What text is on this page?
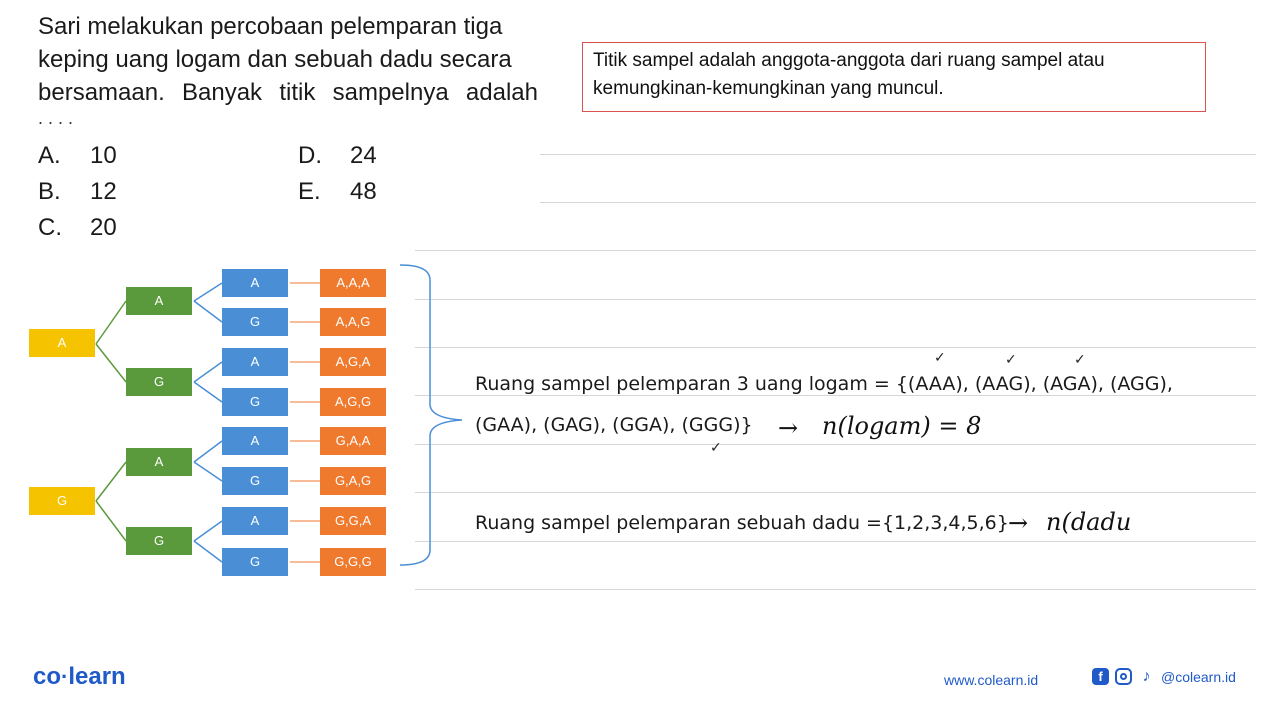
Sari melakukan percobaan pelemparan tiga
keping uang logam dan sebuah dadu secara

bersamaan. Banyak titik sampelnya adalah
....
A. 10
B. 12
C. 20
D. 24
E. 48
Titik sampel adalah anggota-anggota dari ruang sampel atau
kemungkinan-kemungkinan yang muncul.
A
G
A
G
A
G
A
G
A
G
A
G
A
G
A,A,A
A,A,G
A,G,A
A,G,G
G,A,A
G,A,G
G,G,A
G,G,G
✓	✓	✓
✓
Ruang sampel pelemparan 3 uang logam = {(AAA), (AAG), (AGA), (AGG),
(GAA), (GAG), (GGA), (GGG)} → n(logam) = 8
Ruang sampel pelemparan sebuah dadu ={1,2,3,4,5,6} → n(dadu
co·learn	www.colearn.id	f ♪ @colearn.id
